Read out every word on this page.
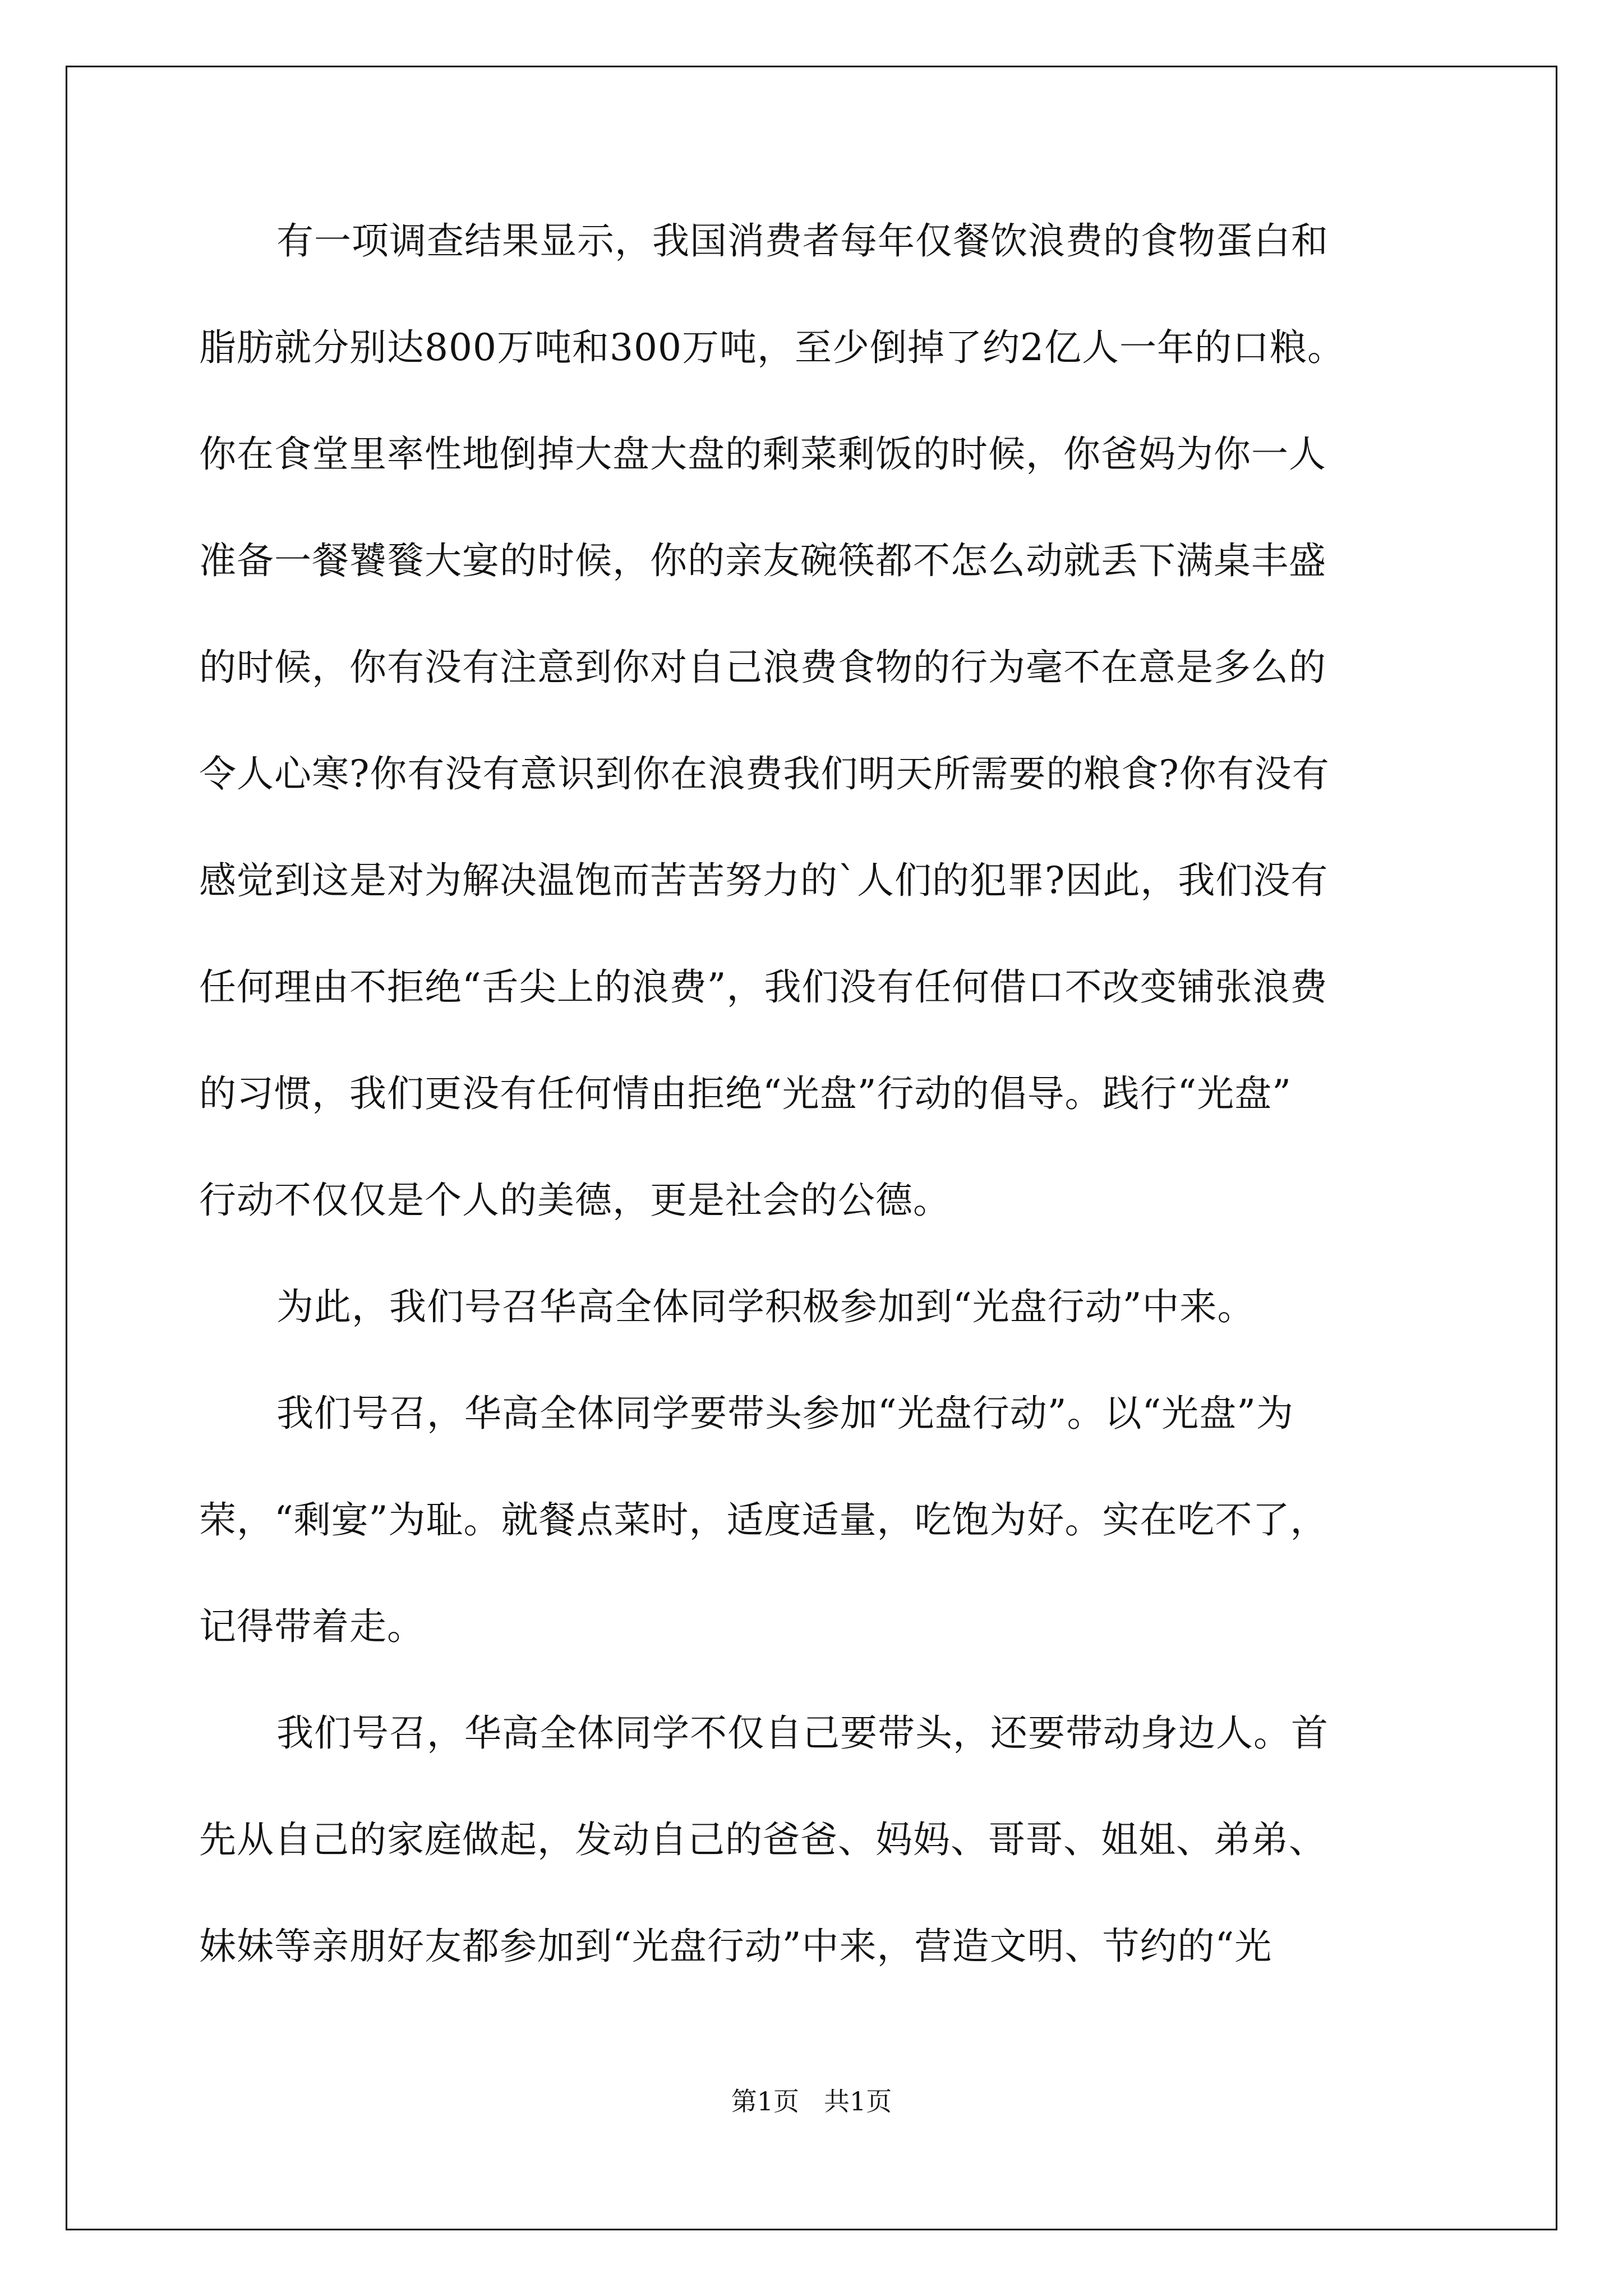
有一项调查结果显示，我国消费者每年仅餐饮浪费的食物蛋白和
脂肪就分别达800万吨和300万吨，至少倒掉了约2亿人一年的口粮。
你在食堂里率性地倒掉大盘大盘的剩菜剩饭的时候，你爸妈为你一人
准备一餐饕餮大宴的时候，你的亲友碗筷都不怎么动就丢下满桌丰盛
的时候，你有没有注意到你对自己浪费食物的行为毫不在意是多么的
令人心寒?你有没有意识到你在浪费我们明天所需要的粮食?你有没有
感觉到这是对为解决温饱而苦苦努力的`人们的犯罪?因此，我们没有
任何理由不拒绝“舌尖上的浪费”，我们没有任何借口不改变铺张浪费
的习惯，我们更没有任何情由拒绝“光盘”行动的倡导。践行“光盘”
行动不仅仅是个人的美德，更是社会的公德。
为此，我们号召华高全体同学积极参加到“光盘行动”中来。
我们号召，华高全体同学要带头参加“光盘行动”。以“光盘”为
荣，“剩宴”为耻。就餐点菜时，适度适量，吃饱为好。实在吃不了，
记得带着走。
我们号召，华高全体同学不仅自己要带头，还要带动身边人。首
先从自己的家庭做起，发动自己的爸爸、妈妈、哥哥、姐姐、弟弟、
妹妹等亲朋好友都参加到“光盘行动”中来，营造文明、节约的“光
第1页 共1页
